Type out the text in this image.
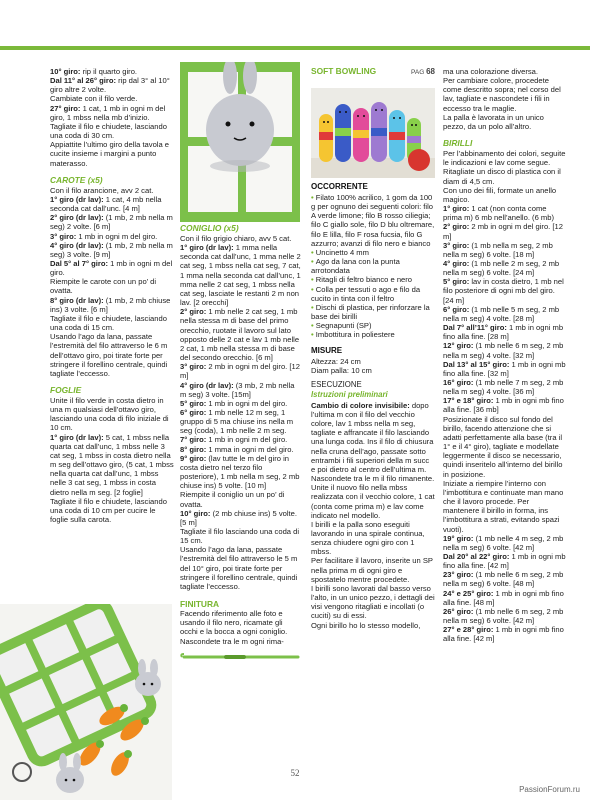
10° giro: rip il quarto giro.

Dal 11° al 26° giro: rip dal 3° al 10° giro altre 2 volte.

Cambiate con il filo verde.

27° giro: 1 cat, 1 mb in ogni m del giro, 1 mbss nella mb d’inizio.

Tagliate il filo e chiudete, lasciando una coda di 30 cm.

Appiattite l’ultimo giro della tavola e cucite insieme i margini a punto materasso.

CAROTE (x5)

Con il filo arancione, avv 2 cat.

1° giro (dr lav): 1 cat, 4 mb nella seconda cat dall’unc. [4 m]

2° giro (dr lav): (1 mb, 2 mb nella m seg) 2 volte. [6 m]

3° giro: 1 mb in ogni m del giro.

4° giro (dr lav): (1 mb, 2 mb nella m seg) 3 volte. [9 m]

Dal 5° al 7° giro: 1 mb in ogni m del giro.

Riempite le carote con un po’ di ovatta.

8° giro (dr lav): (1 mb, 2 mb chiuse ins) 3 volte. [6 m]

Tagliate il filo e chiudete, lasciando una coda di 15 cm.

Usando l’ago da lana, passate l’estremità del filo attraverso le 6 m dell’ottavo giro, poi tirate forte per stringere il forellino centrale, quindi tagliate l’eccesso.

FOGLIE

Unite il filo verde in costa dietro in una m qualsiasi dell’ottavo giro, lasciando una coda di filo iniziale di 10 cm.

1° giro (dr lav): 5 cat, 1 mbss nella quarta cat dall’unc, 1 mbss nelle 3 cat seg, 1 mbss in costa dietro nella m seg dell’ottavo giro, (5 cat, 1 mbss nella quarta cat dall’unc, 1 mbss nelle 3 cat seg, 1 mbss in costa dietro nella m seg. [2 foglie]

Tagliate il filo e chiudete, lasciando una coda di 10 cm per cucire le foglie sulla carota.

CONIGLIO (x5)

Con il filo grigio chiaro, avv 5 cat.

1° giro (dr lav): 1 mma nella seconda cat dall’unc, 1 mma nelle 2 cat seg, 1 mbss nella cat seg, 7 cat, 1 mma nella seconda cat dall’unc, 1 mma nelle 2 cat seg, 1 mbss nella cat seg, lasciate le restanti 2 m non lav. [2 orecchi]

2° giro: 1 mb nelle 2 cat seg, 1 mb nella stessa m di base del primo orecchio, ruotate il lavoro sul lato opposto delle 2 cat e lav 1 mb nelle 2 cat, 1 mb nella stessa m di base del secondo orecchio. [6 m]

3° giro: 2 mb in ogni m del giro. [12 m]

4° giro (dr lav): (3 mb, 2 mb nella m seg) 3 volte. [15m]

5° giro: 1 mb in ogni m del giro.

6° giro: 1 mb nelle 12 m seg, 1 gruppo di 5 ma chiuse ins nella m seg (coda), 1 mb nelle 2 m seg.

7° giro: 1 mb in ogni m del giro.

8° giro: 1 mma in ogni m del giro.

9° giro: (lav tutte le m del giro in costa dietro nel terzo filo posteriore), 1 mb nella m seg, 2 mb chiuse ins) 5 volte. [10 m]

Riempite il coniglio un un po’ di ovatta.

10° giro: (2 mb chiuse ins) 5 volte. [5 m]

Tagliate il filo lasciando una coda di 15 cm.

Usando l’ago da lana, passate l’estremità del filo attraverso le 5 m del 10° giro, poi tirate forte per stringere il forellino centrale, quindi tagliate l’eccesso.

FINITURA

Facendo riferimento alle foto e usando il filo nero, ricamate gli occhi e la bocca a ogni coniglio. Nascondete tra le m ogni rima-

SOFT BOWLING	PAG 68
OCCORRENTE

• Filato 100% acrilico, 1 gom da 100 g per ognuno dei seguenti colori: filo A verde limone; filo B rosso ciliegia; filo C giallo sole, filo D blu oltremare, filo E lilla, filo F rosa fucsia, filo G azzurro; avanzi di filo nero e bianco

• Uncinetto 4 mm

• Ago da lana con la punta arrotondata

• Ritagli di feltro bianco e nero

• Colla per tessuti o ago e filo da cucito in tinta con il feltro

• Dischi di plastica, per rinforzare la base dei birilli

• Segnapunti (SP)

• Imbottitura in poliestere

MISURE

Altezza: 24 cm

Diam palla: 10 cm

ESECUZIONE
Istruzioni preliminari

Cambio di colore invisibile: dopo l’ultima m con il filo del vecchio colore, lav 1 mbss nella m seg, tagliate e affrancate il filo lasciando una lunga coda. Ins il filo di chiusura nella cruna dell’ago, passate sotto entrambi i fili superiori della m succ e poi dietro al centro dell’ultima m. Nascondete tra le m il filo rimanente. Unite il nuovo filo nella mbss realizzata con il vecchio colore, 1 cat (conta come prima m) e lav come indicato nel modello.

I birilli e la palla sono eseguiti lavorando in una spirale continua, senza chiudere ogni giro con 1 mbss.

Per facilitare il lavoro, inserite un SP nella prima m di ogni giro e spostatelo mentre procedete.

I birilli sono lavorati dal basso verso l’alto, in un unico pezzo, i dettagli dei visi vengono ritagliati e incollati (o cuciti) su di essi.

Ogni birillo ho lo stesso modello,

ma una colorazione diversa.

Per cambiare colore, procedete come descritto sopra; nel corso del lav, tagliate e nascondete i fili in eccesso tra le maglie.

La palla è lavorata in un unico pezzo, da un polo all’altro.

BIRILLI

Per l’abbinamento dei colori, seguite le indicazioni e lav come segue.

Ritagliate un disco di plastica con il diam di 4,5 cm.

Con uno dei fili, formate un anello magico.

1° giro: 1 cat (non conta come prima m) 6 mb nell’anello. (6 mb)

2° giro: 2 mb in ogni m del giro. [12 m]

3° giro: (1 mb nella m seg, 2 mb nella m seg) 6 volte. [18 m]

4° giro: (1 mb nelle 2 m seg, 2 mb nella m seg) 6 volte. [24 m]

5° giro: lav in costa dietro, 1 mb nel filo posteriore di ogni mb del giro. [24 m]

6° giro: (1 mb nelle 5 m seg, 2 mb nella m seg) 4 volte. [28 m]

Dal 7° all’11° giro: 1 mb in ogni mb fino alla fine. [28 m]

12° giro: (1 mb nelle 6 m seg, 2 mb nella m seg) 4 volte. [32 m]

Dal 13° al 15° giro: 1 mb in ogni mb fino alla fine. [32 m]

16° giro: (1 mb nelle 7 m seg, 2 mb nella m seg) 4 volte. [36 m]

17° e 18° giro: 1 mb in ogni mb fino alla fine. [36 mb]

Posizionate il disco sul fondo del birillo, facendo attenzione che si adatti perfettamente alla base (tra il 1° e il 4° giro), tagliate e modellate leggermente il disco se necessario, quindi inseritelo all’interno del birillo in posizione.

Iniziate a riempire l’interno con l’imbottitura e continuate man mano che il lavoro procede. Per mantenere il birillo in forma, ins l’imbottitura a strati, evitando spazi vuoti).

19° giro: (1 mb nelle 4 m seg, 2 mb nella m seg) 6 volte. [42 m]

Dal 20° al 22° giro: 1 mb in ogni mb fino alla fine. [42 m]

23° giro: (1 mb nelle 6 m seg, 2 mb nella m seg) 6 volte. [48 m]

24° e 25° giro: 1 mb in ogni mb fino alla fine. [48 m]

26° giro: (1 mb nelle 6 m seg, 2 mb nella m seg) 6 volte. [42 m]

27° e 28° giro: 1 mb in ogni mb fino alla fine. [42 m]

52
PassionForum.ru
